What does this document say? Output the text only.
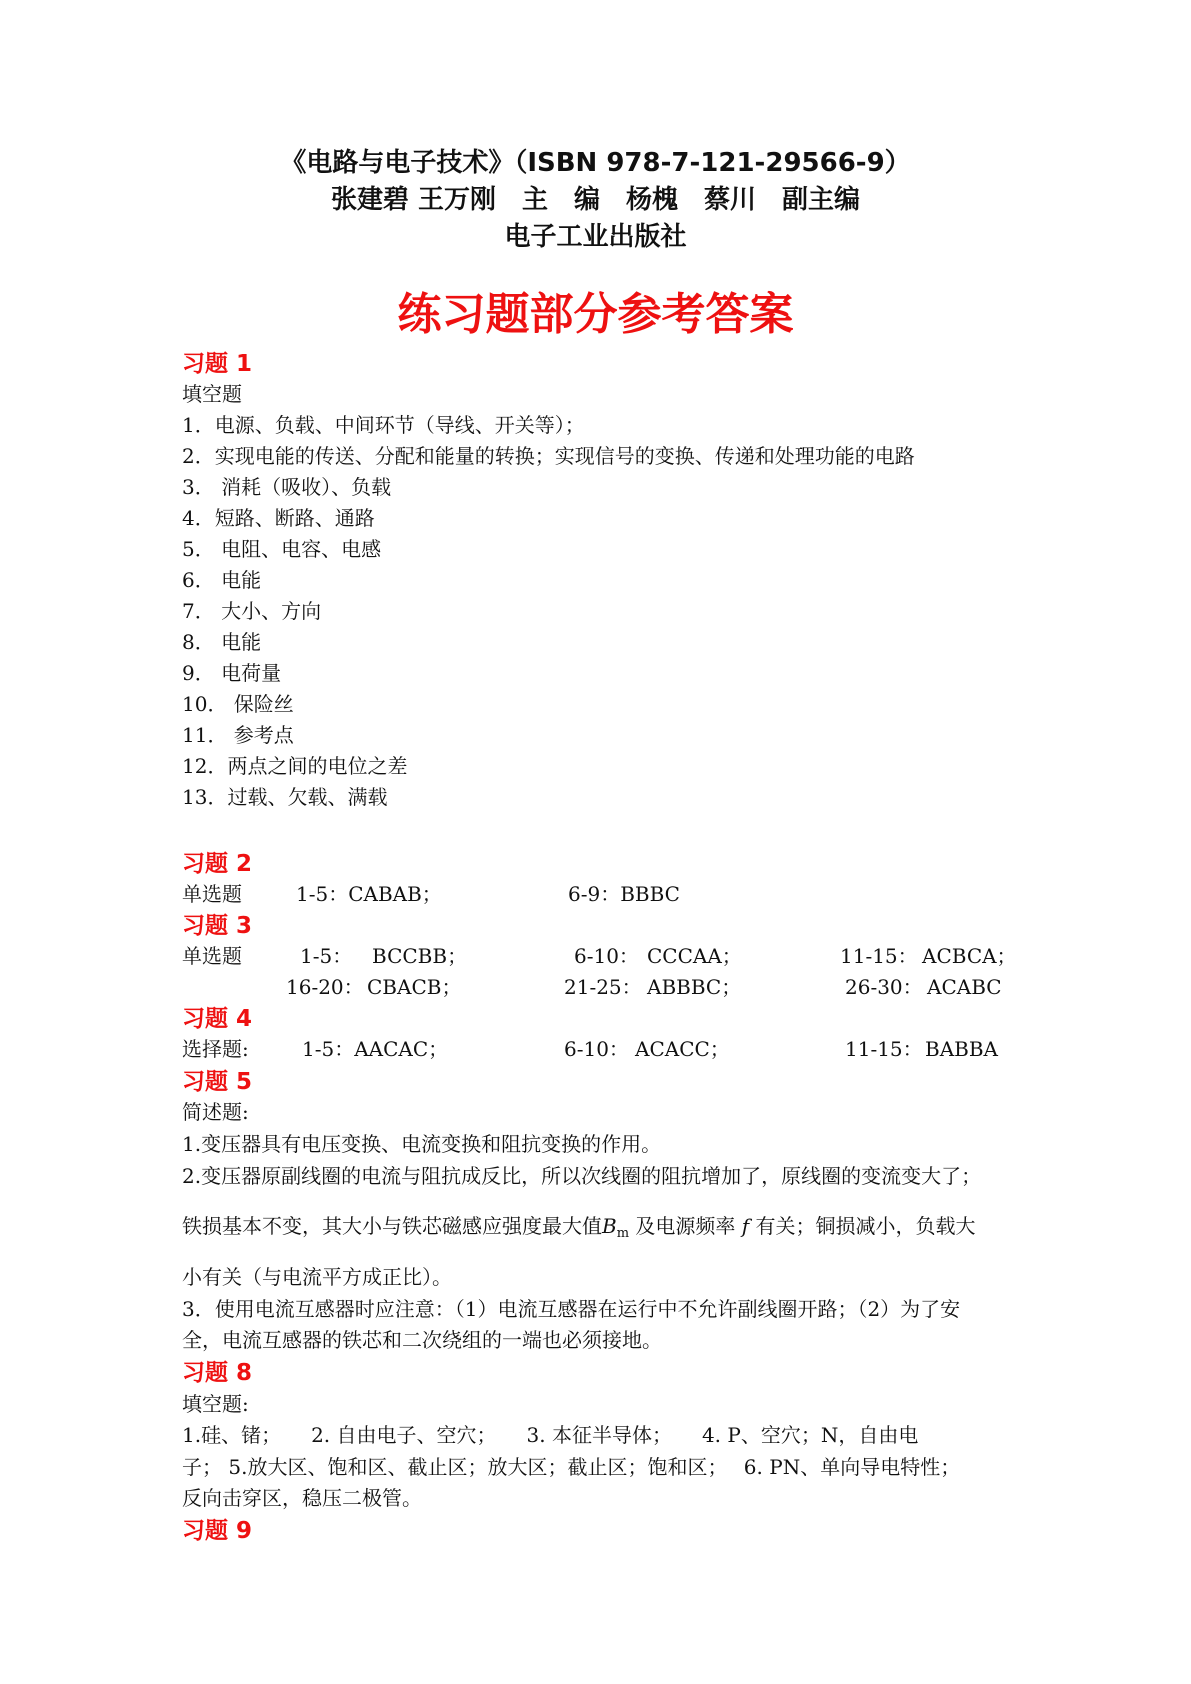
《电路与电子技术》（ISBN 978-7-121-29566-9）
张建碧 王万刚　主　编　杨槐　蔡川　副主编
电子工业出版社
练习题部分参考答案
习题 1
填空题
1．电源、负载、中间环节（导线、开关等）；
2．实现电能的传送、分配和能量的转换；实现信号的变换、传递和处理功能的电路
3． 消耗（吸收）、负载
4．短路、断路、通路
5． 电阻、电容、电感
6． 电能
7． 大小、方向
8． 电能
9． 电荷量
10． 保险丝
11． 参考点
12．两点之间的电位之差
13．过载、欠载、满载
习题 2
单选题	1-5：CABAB；	6-9：BBBC
习题 3
单选题	1-5： BCCBB；	6-10： CCCAA；	11-15： ACBCA；
16-20： CBACB；	21-25： ABBBC；	26-30： ACABC
习题 4
选择题:	1-5：AACAC；	6-10： ACACC；	11-15： BABBA
习题 5
简述题:
1.变压器具有电压变换、电流变换和阻抗变换的作用。
2.变压器原副线圈的电流与阻抗成反比，所以次线圈的阻抗增加了，原线圈的变流变大了；
铁损基本不变，其大小与铁芯磁感应强度最大值$B_m$ 及电源频率 f 有关；铜损减小，负载大
小有关（与电流平方成正比）。
3．使用电流互感器时应注意：（1）电流互感器在运行中不允许副线圈开路；（2）为了安
全，电流互感器的铁芯和二次绕组的一端也必须接地。
习题 8
填空题:
1.硅、锗；　　2. 自由电子、空穴；　　3. 本征半导体；　　4. P、空穴；N，自由电
子； 5.放大区、饱和区、截止区；放大区；截止区；饱和区；　 6. PN、单向导电特性；
反向击穿区，稳压二极管。
习题 9
